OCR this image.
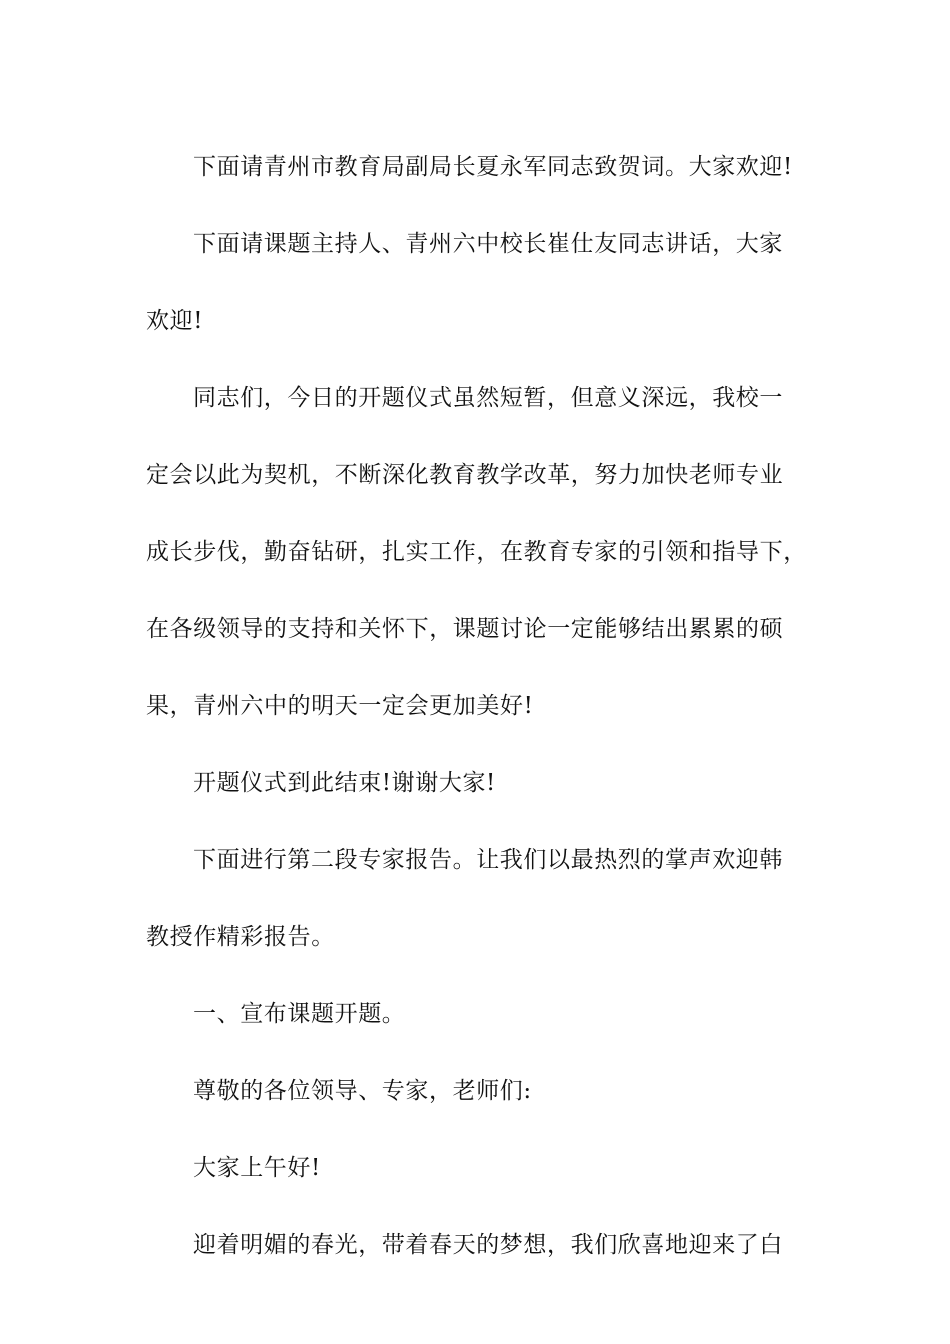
下面请青州市教育局副局长夏永军同志致贺词。大家欢迎!
下面请课题主持人、青州六中校长崔仕友同志讲话，大家
欢迎!
同志们，今日的开题仪式虽然短暂，但意义深远，我校一
定会以此为契机，不断深化教育教学改革，努力加快老师专业
成长步伐，勤奋钻研，扎实工作，在教育专家的引领和指导下，
在各级领导的支持和关怀下，课题讨论一定能够结出累累的硕
果，青州六中的明天一定会更加美好!
开题仪式到此结束!谢谢大家!
下面进行第二段专家报告。让我们以最热烈的掌声欢迎韩
教授作精彩报告。
一、宣布课题开题。
尊敬的各位领导、专家，老师们:
大家上午好!
迎着明媚的春光，带着春天的梦想，我们欣喜地迎来了白
